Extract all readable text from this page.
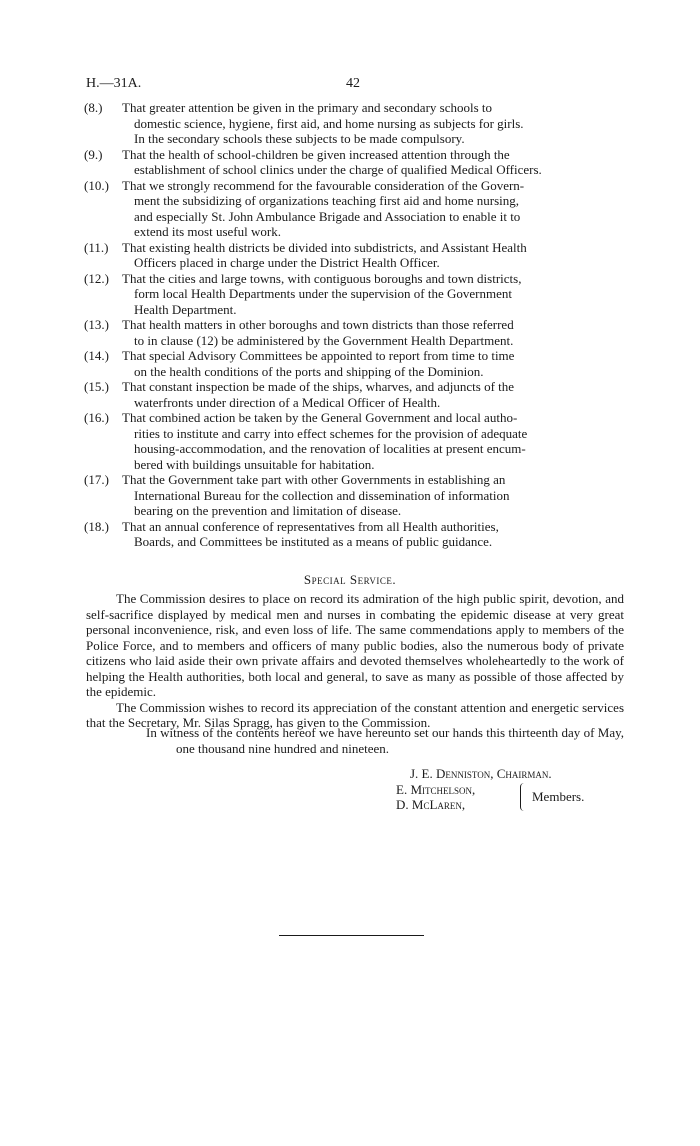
H.—31A.	42
(8.) That greater attention be given in the primary and secondary schools to
domestic science, hygiene, first aid, and home nursing as subjects for girls.
In the secondary schools these subjects to be made compulsory.
(9.) That the health of school-children be given increased attention through the
establishment of school clinics under the charge of qualified Medical Officers.
(10.) That we strongly recommend for the favourable consideration of the Govern-
ment the subsidizing of organizations teaching first aid and home nursing,
and especially St. John Ambulance Brigade and Association to enable it to
extend its most useful work.
(11.) That existing health districts be divided into subdistricts, and Assistant Health
Officers placed in charge under the District Health Officer.
(12.) That the cities and large towns, with contiguous boroughs and town districts,
form local Health Departments under the supervision of the Government
Health Department.
(13.) That health matters in other boroughs and town districts than those referred
to in clause (12) be administered by the Government Health Department.
(14.) That special Advisory Committees be appointed to report from time to time
on the health conditions of the ports and shipping of the Dominion.
(15.) That constant inspection be made of the ships, wharves, and adjuncts of the
waterfronts under direction of a Medical Officer of Health.
(16.) That combined action be taken by the General Government and local autho-
rities to institute and carry into effect schemes for the provision of adequate
housing-accommodation, and the renovation of localities at present encum-
bered with buildings unsuitable for habitation.
(17.) That the Government take part with other Governments in establishing an
International Bureau for the collection and dissemination of information
bearing on the prevention and limitation of disease.
(18.) That an annual conference of representatives from all Health authorities,
Boards, and Committees be instituted as a means of public guidance.
Special Service.

The Commission desires to place on record its admiration of the high public spirit, devotion, and self-sacrifice displayed by medical men and nurses in combating the epidemic disease at very great personal inconvenience, risk, and even loss of life. The same commendations apply to members of the Police Force, and to members and officers of many public bodies, also the numerous body of private citizens who laid aside their own private affairs and devoted themselves wholeheartedly to the work of helping the Health authorities, both local and general, to save as many as possible of those affected by the epidemic.

The Commission wishes to record its appreciation of the constant attention and energetic services that the Secretary, Mr. Silas Spragg, has given to the Commission.

In witness of the contents hereof we have hereunto set our hands this thirteenth day of May, one thousand nine hundred and nineteen.

J. E. Denniston, Chairman.
E. Mitchelson,
D. McLaren,
Members.
